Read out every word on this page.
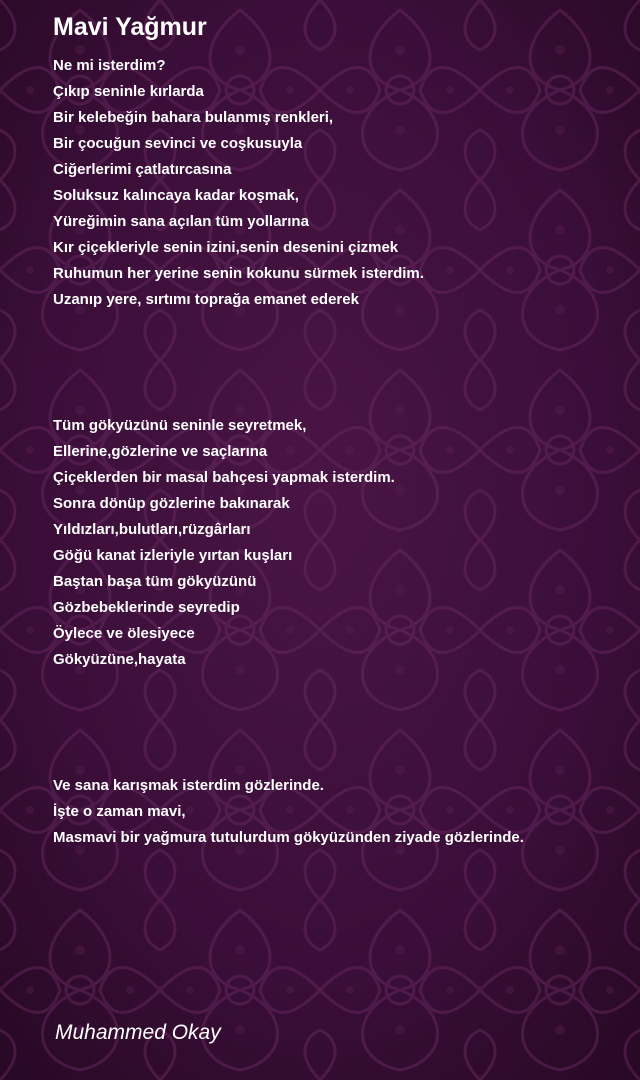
Mavi Yağmur
Ne mi isterdim?
Çıkıp seninle kırlarda
Bir kelebeğin bahara bulanmış renkleri,
Bir çocuğun sevinci ve coşkusuyla
Ciğerlerimi çatlatırcasına
Soluksuz kalıncaya kadar koşmak,
Yüreğimin sana açılan tüm yollarına
Kır çiçekleriyle senin izini,senin desenini çizmek
Ruhumun her yerine senin kokunu sürmek isterdim.
Uzanıp yere, sırtımı toprağa emanet ederek
Tüm gökyüzünü seninle seyretmek,
Ellerine,gözlerine ve saçlarına
Çiçeklerden bir masal bahçesi yapmak isterdim.
Sonra dönüp gözlerine bakınarak
Yıldızları,bulutları,rüzgârları
Göğü kanat izleriyle yırtan kuşları
Baştan başa tüm gökyüzünü
Gözbebeklerinde seyredip
Öylece ve ölesiyece
Gökyüzüne,hayata
Ve sana karışmak isterdim gözlerinde.
İşte o zaman mavi,
Masmavi bir yağmura tutulurdum gökyüzünden ziyade gözlerinde.

Muhammed Okay
